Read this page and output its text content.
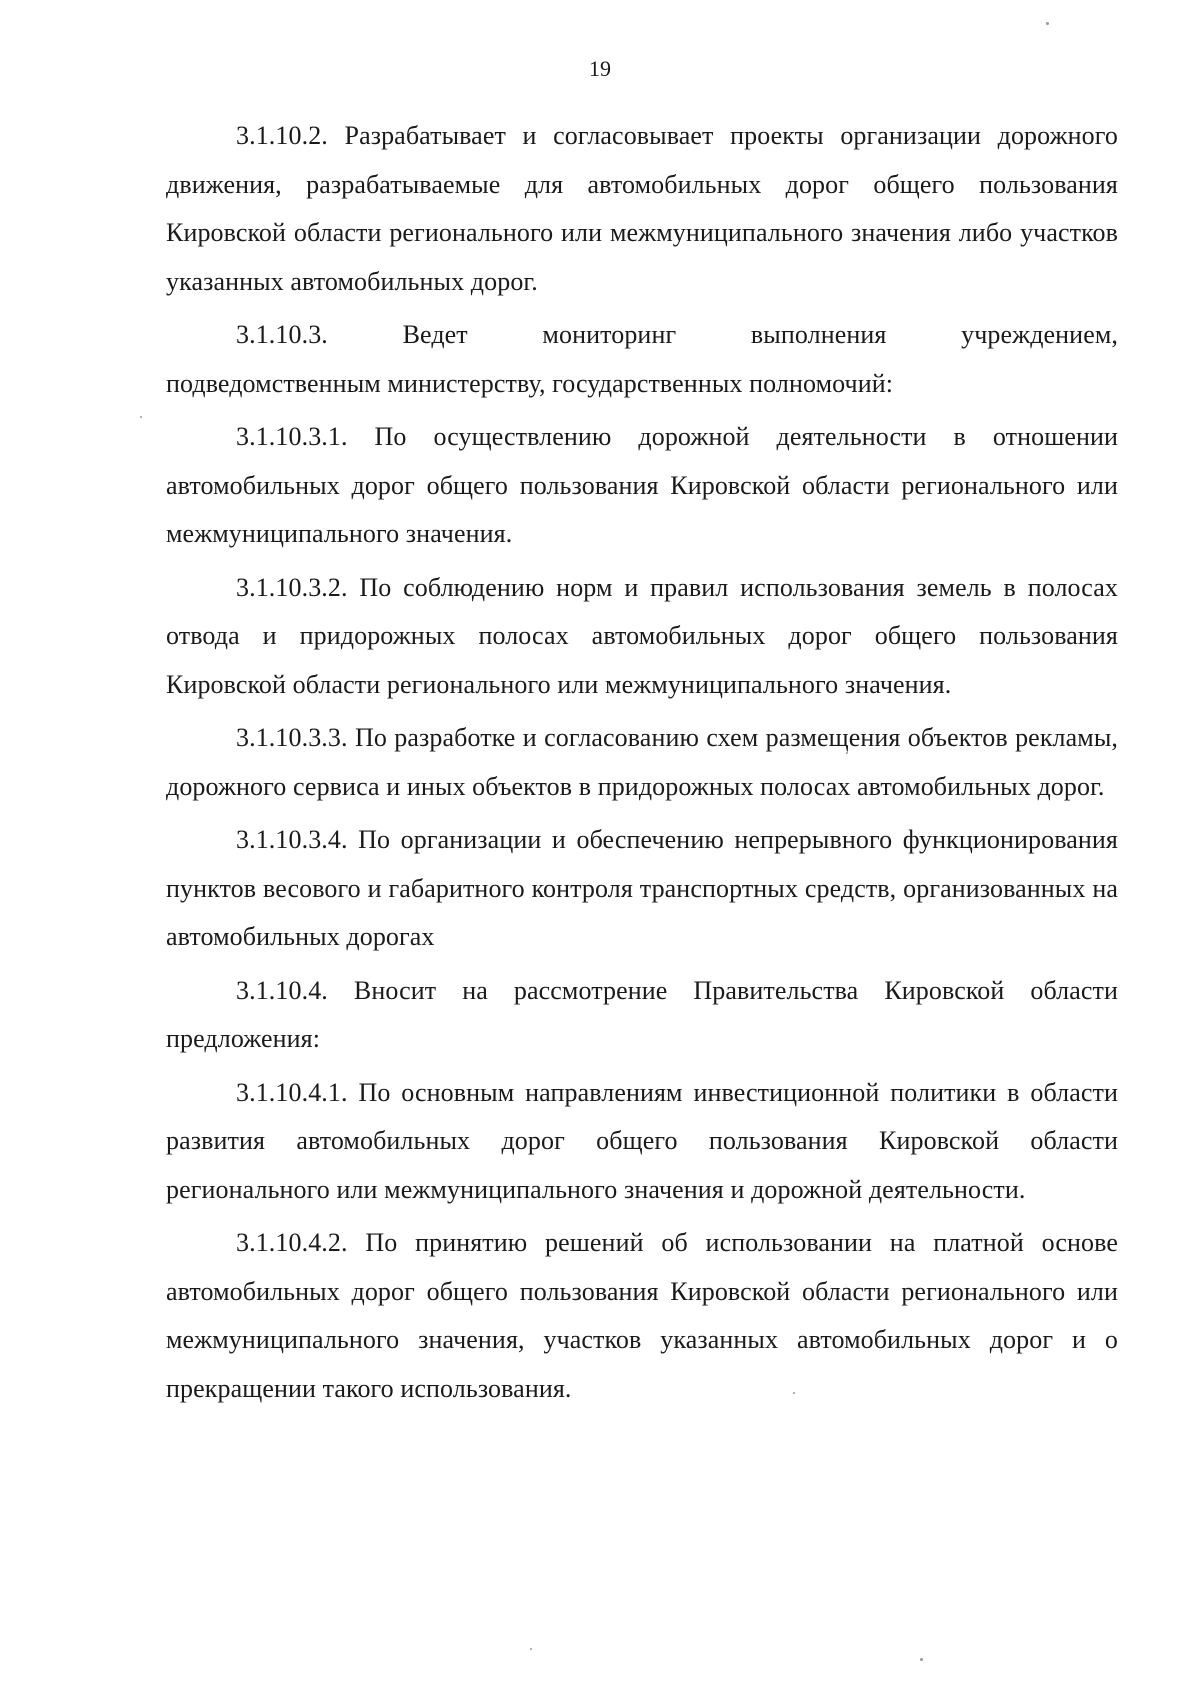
19

3.1.10.2. Разрабатывает и согласовывает проекты организации дорожного движения, разрабатываемые для автомобильных дорог общего пользования Кировской области регионального или межмуниципального значения либо участков указанных автомобильных дорог.

3.1.10.3. Ведет мониторинг выполнения учреждением,
подведомственным министерству, государственных полномочий:

3.1.10.3.1. По осуществлению дорожной деятельности в отношении автомобильных дорог общего пользования Кировской области регионального или межмуниципального значения.

3.1.10.3.2. По соблюдению норм и правил использования земель в полосах отвода и придорожных полосах автомобильных дорог общего пользования Кировской области регионального или межмуниципального значения.

3.1.10.3.3. По разработке и согласованию схем размещения объектов рекламы, дорожного сервиса и иных объектов в придорожных полосах автомобильных дорог.

3.1.10.3.4. По организации и обеспечению непрерывного функционирования пунктов весового и габаритного контроля транспортных средств, организованных на автомобильных дорогах

3.1.10.4. Вносит на рассмотрение Правительства Кировской области предложения:

3.1.10.4.1. По основным направлениям инвестиционной политики в области развития автомобильных дорог общего пользования Кировской области регионального или межмуниципального значения и дорожной деятельности.

3.1.10.4.2. По принятию решений об использовании на платной основе автомобильных дорог общего пользования Кировской области регионального или межмуниципального значения, участков указанных автомобильных дорог и о прекращении такого использования.
